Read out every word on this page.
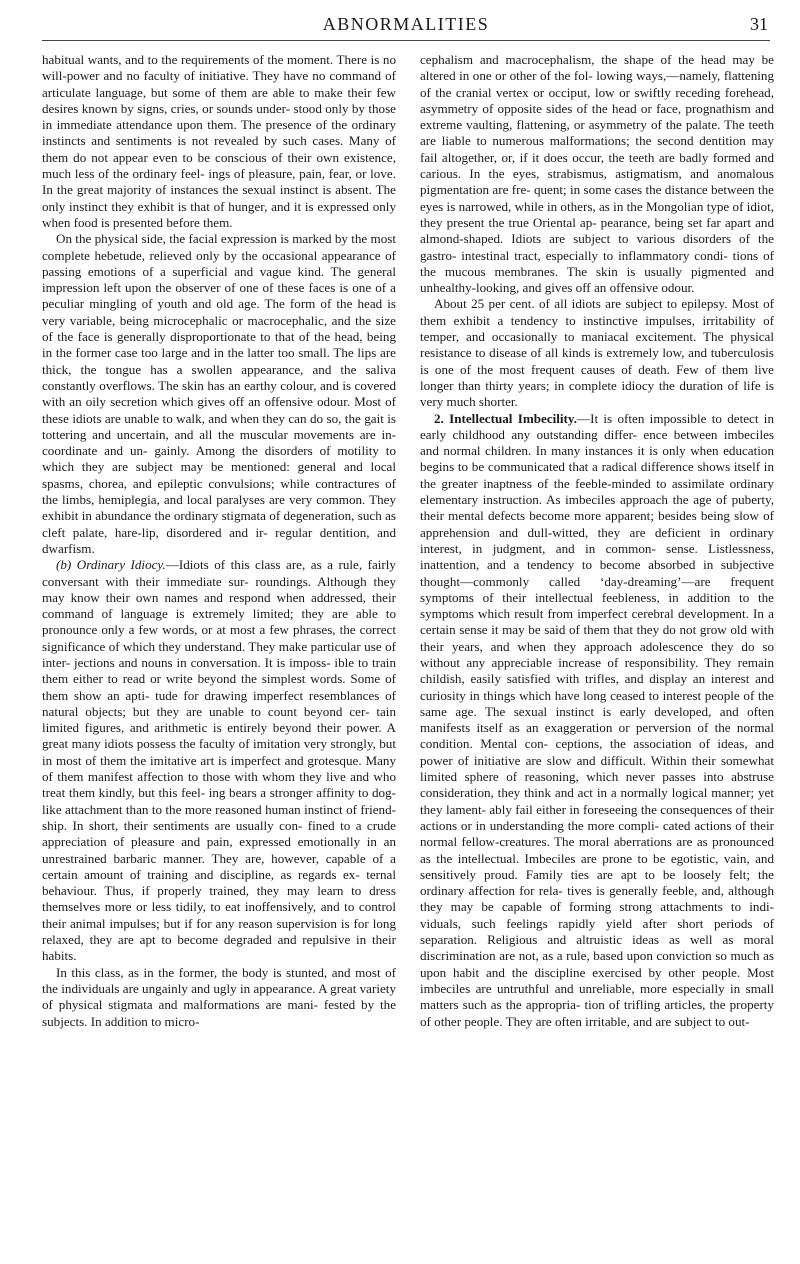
ABNORMALITIES	31

habitual wants, and to the requirements of the moment. There is no will-power and no faculty of initiative. They have no command of articulate language, but some of them are able to make their few desires known by signs, cries, or sounds under- stood only by those in immediate attendance upon them. The presence of the ordinary instincts and sentiments is not revealed by such cases. Many of them do not appear even to be conscious of their own existence, much less of the ordinary feel- ings of pleasure, pain, fear, or love. In the great majority of instances the sexual instinct is absent. The only instinct they exhibit is that of hunger, and it is expressed only when food is presented before them.

On the physical side, the facial expression is marked by the most complete hebetude, relieved only by the occasional appearance of passing emotions of a superficial and vague kind. The general impression left upon the observer of one of these faces is one of a peculiar mingling of youth and old age. The form of the head is very variable, being microcephalic or macrocephalic, and the size of the face is generally disproportionate to that of the head, being in the former case too large and in the latter too small. The lips are thick, the tongue has a swollen appearance, and the saliva constantly overflows. The skin has an earthy colour, and is covered with an oily secretion which gives off an offensive odour. Most of these idiots are unable to walk, and when they can do so, the gait is tottering and uncertain, and all the muscular movements are in-coordinate and un- gainly. Among the disorders of motility to which they are subject may be mentioned: general and local spasms, chorea, and epileptic convulsions; while contractures of the limbs, hemiplegia, and local paralyses are very common. They exhibit in abundance the ordinary stigmata of degeneration, such as cleft palate, hare-lip, disordered and ir- regular dentition, and dwarfism.

(b) Ordinary Idiocy.—Idiots of this class are, as a rule, fairly conversant with their immediate sur- roundings. Although they may know their own names and respond when addressed, their command of language is extremely limited; they are able to pronounce only a few words, or at most a few phrases, the correct significance of which they understand. They make particular use of inter- jections and nouns in conversation. It is imposs- ible to train them either to read or write beyond the simplest words. Some of them show an apti- tude for drawing imperfect resemblances of natural objects; but they are unable to count beyond cer- tain limited figures, and arithmetic is entirely beyond their power. A great many idiots possess the faculty of imitation very strongly, but in most of them the imitative art is imperfect and grotesque. Many of them manifest affection to those with whom they live and who treat them kindly, but this feel- ing bears a stronger affinity to dog-like attachment than to the more reasoned human instinct of friend- ship. In short, their sentiments are usually con- fined to a crude appreciation of pleasure and pain, expressed emotionally in an unrestrained barbaric manner. They are, however, capable of a certain amount of training and discipline, as regards ex- ternal behaviour. Thus, if properly trained, they may learn to dress themselves more or less tidily, to eat inoffensively, and to control their animal impulses; but if for any reason supervision is for long relaxed, they are apt to become degraded and repulsive in their habits.

In this class, as in the former, the body is stunted, and most of the individuals are ungainly and ugly in appearance. A great variety of physical stigmata and malformations are mani- fested by the subjects. In addition to micro-

cephalism and macrocephalism, the shape of the head may be altered in one or other of the fol- lowing ways,—namely, flattening of the cranial vertex or occiput, low or swiftly receding forehead, asymmetry of opposite sides of the head or face, prognathism and extreme vaulting, flattening, or asymmetry of the palate. The teeth are liable to numerous malformations; the second dentition may fail altogether, or, if it does occur, the teeth are badly formed and carious. In the eyes, strabismus, astigmatism, and anomalous pigmentation are fre- quent; in some cases the distance between the eyes is narrowed, while in others, as in the Mongolian type of idiot, they present the true Oriental ap- pearance, being set far apart and almond-shaped. Idiots are subject to various disorders of the gastro- intestinal tract, especially to inflammatory condi- tions of the mucous membranes. The skin is usually pigmented and unhealthy-looking, and gives off an offensive odour.

About 25 per cent. of all idiots are subject to epilepsy. Most of them exhibit a tendency to instinctive impulses, irritability of temper, and occasionally to maniacal excitement. The physical resistance to disease of all kinds is extremely low, and tuberculosis is one of the most frequent causes of death. Few of them live longer than thirty years; in complete idiocy the duration of life is very much shorter.

2. Intellectual Imbecility.—It is often impossible to detect in early childhood any outstanding differ- ence between imbeciles and normal children. In many instances it is only when education begins to be communicated that a radical difference shows itself in the greater inaptness of the feeble-minded to assimilate ordinary elementary instruction. As imbeciles approach the age of puberty, their mental defects become more apparent; besides being slow of apprehension and dull-witted, they are deficient in ordinary interest, in judgment, and in common- sense. Listlessness, inattention, and a tendency to become absorbed in subjective thought—commonly called ‘day-dreaming’—are frequent symptoms of their intellectual feebleness, in addition to the symptoms which result from imperfect cerebral development. In a certain sense it may be said of them that they do not grow old with their years, and when they approach adolescence they do so without any appreciable increase of responsibility. They remain childish, easily satisfied with trifles, and display an interest and curiosity in things which have long ceased to interest people of the same age. The sexual instinct is early developed, and often manifests itself as an exaggeration or perversion of the normal condition. Mental con- ceptions, the association of ideas, and power of initiative are slow and difficult. Within their somewhat limited sphere of reasoning, which never passes into abstruse consideration, they think and act in a normally logical manner; yet they lament- ably fail either in foreseeing the consequences of their actions or in understanding the more compli- cated actions of their normal fellow-creatures. The moral aberrations are as pronounced as the intellectual. Imbeciles are prone to be egotistic, vain, and sensitively proud. Family ties are apt to be loosely felt; the ordinary affection for rela- tives is generally feeble, and, although they may be capable of forming strong attachments to indi- viduals, such feelings rapidly yield after short periods of separation. Religious and altruistic ideas as well as moral discrimination are not, as a rule, based upon conviction so much as upon habit and the discipline exercised by other people. Most imbeciles are untruthful and unreliable, more especially in small matters such as the appropria- tion of trifling articles, the property of other people. They are often irritable, and are subject to out-
